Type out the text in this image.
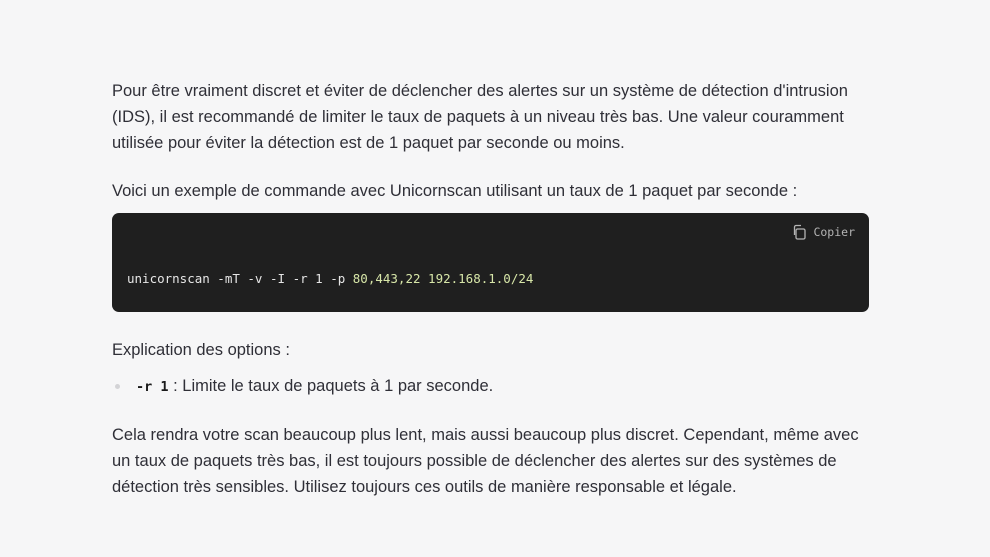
Pour être vraiment discret et éviter de déclencher des alertes sur un système de détection d'intrusion (IDS), il est recommandé de limiter le taux de paquets à un niveau très bas. Une valeur couramment utilisée pour éviter la détection est de 1 paquet par seconde ou moins.

Voici un exemple de commande avec Unicornscan utilisant un taux de 1 paquet par seconde :

Copier
unicornscan -mT -v -I -r 1 -p 80,443,22 192.168.1.0/24

Explication des options :

-r 1 : Limite le taux de paquets à 1 par seconde.

Cela rendra votre scan beaucoup plus lent, mais aussi beaucoup plus discret. Cependant, même avec un taux de paquets très bas, il est toujours possible de déclencher des alertes sur des systèmes de détection très sensibles. Utilisez toujours ces outils de manière responsable et légale.
